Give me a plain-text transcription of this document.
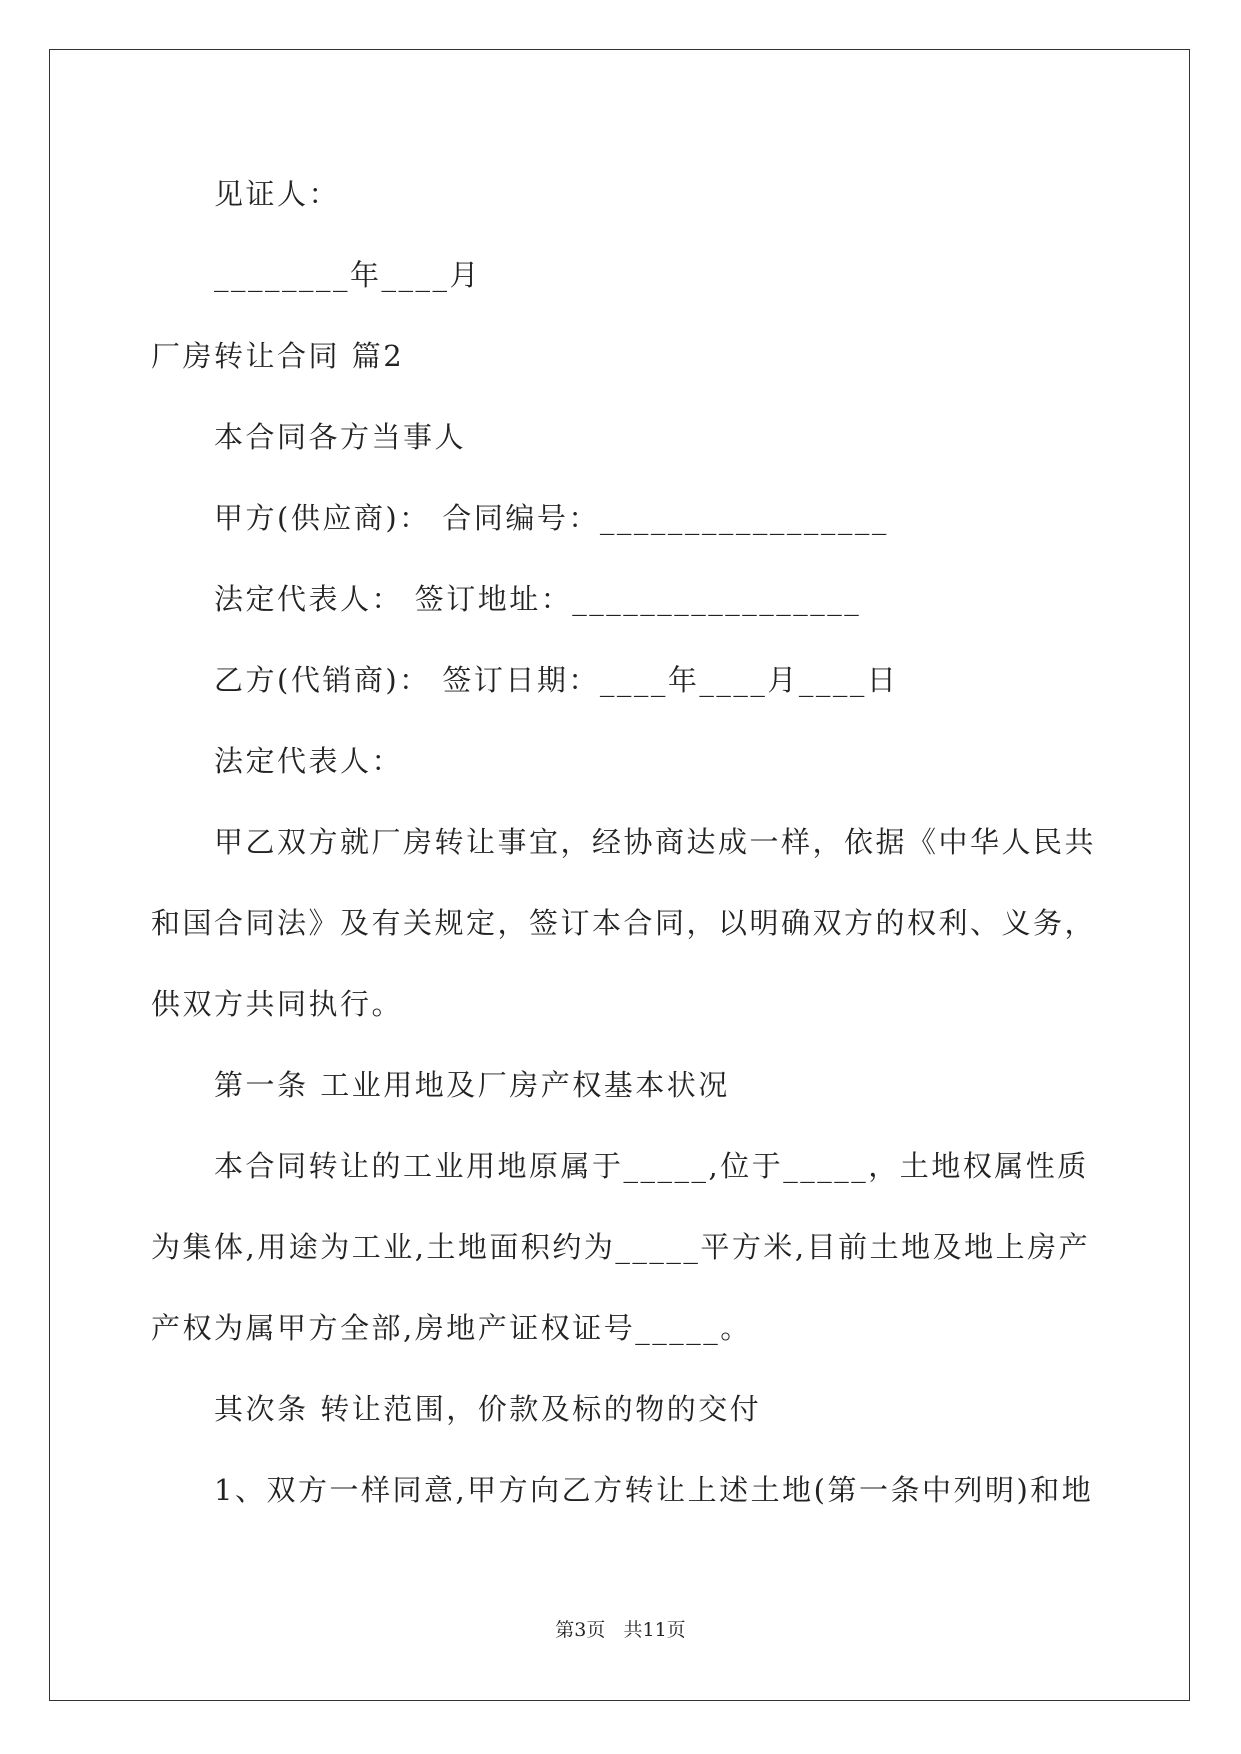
见证人：
________年____月
厂房转让合同 篇2
本合同各方当事人
甲方(供应商)： 合同编号：_________________
法定代表人： 签订地址：_________________
乙方(代销商)： 签订日期：____年____月____日
法定代表人：
甲乙双方就厂房转让事宜，经协商达成一样，依据《中华人民共
和国合同法》及有关规定，签订本合同，以明确双方的权利、义务，
供双方共同执行。
第一条 工业用地及厂房产权基本状况
本合同转让的工业用地原属于_____,位于_____，土地权属性质
为集体,用途为工业,土地面积约为_____平方米,目前土地及地上房产
产权为属甲方全部,房地产证权证号_____。
其次条 转让范围，价款及标的物的交付
1、双方一样同意,甲方向乙方转让上述土地(第一条中列明)和地
第3页   共11页
